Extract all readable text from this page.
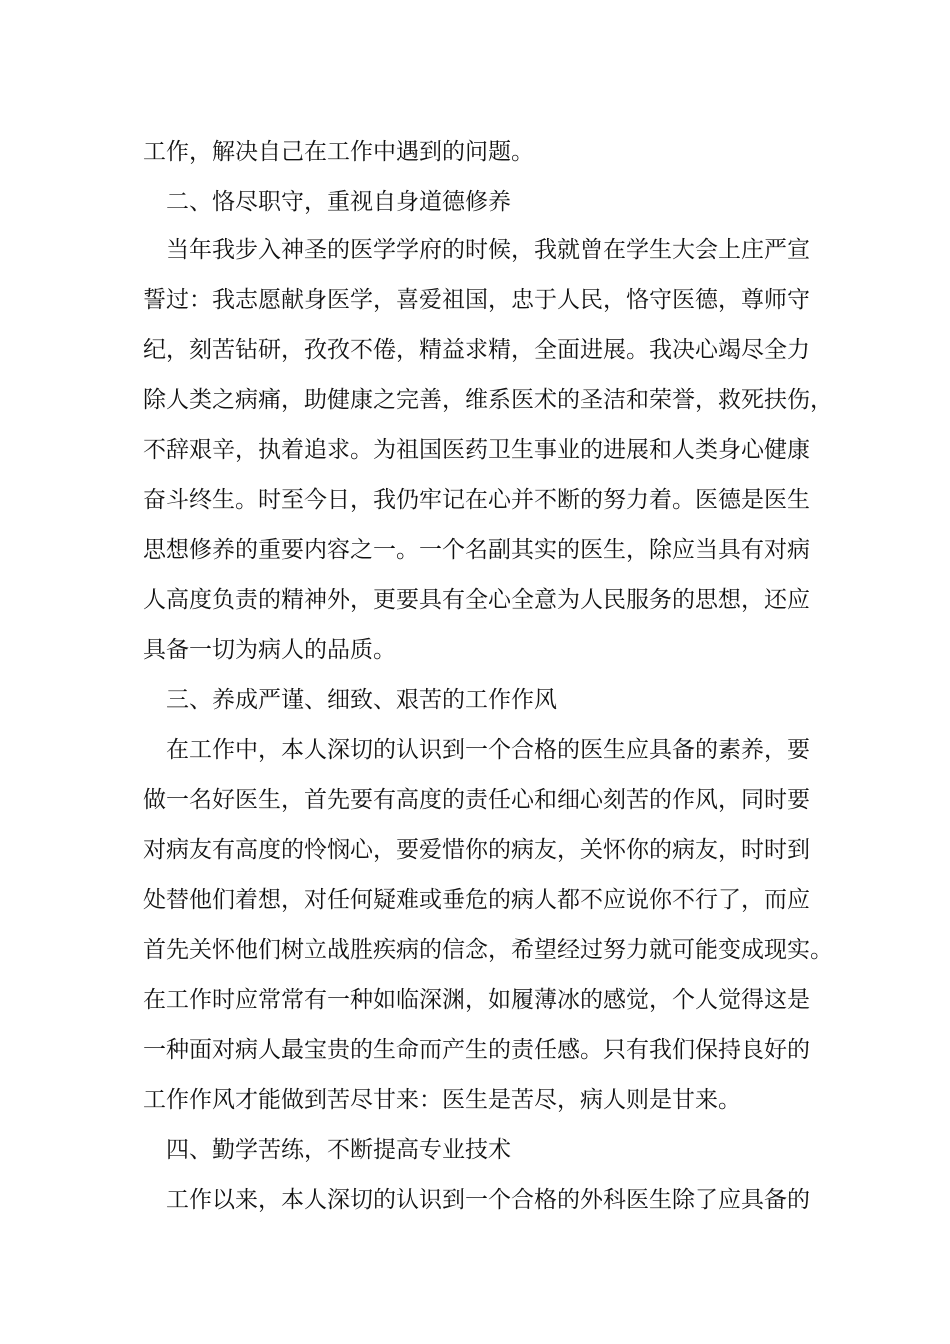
工作，解决自己在工作中遇到的问题。
二、恪尽职守，重视自身道德修养
当年我步入神圣的医学学府的时候，我就曾在学生大会上庄严宣
誓过：我志愿献身医学，喜爱祖国，忠于人民，恪守医德，尊师守
纪，刻苦钻研，孜孜不倦，精益求精，全面进展。我决心竭尽全力
除人类之病痛，助健康之完善，维系医术的圣洁和荣誉，救死扶伤，
不辞艰辛，执着追求。为祖国医药卫生事业的进展和人类身心健康
奋斗终生。时至今日，我仍牢记在心并不断的努力着。医德是医生
思想修养的重要内容之一。一个名副其实的医生，除应当具有对病
人高度负责的精神外，更要具有全心全意为人民服务的思想，还应
具备一切为病人的品质。
三、养成严谨、细致、艰苦的工作作风
在工作中，本人深切的认识到一个合格的医生应具备的素养，要
做一名好医生，首先要有高度的责任心和细心刻苦的作风，同时要
对病友有高度的怜悯心，要爱惜你的病友，关怀你的病友，时时到
处替他们着想，对任何疑难或垂危的病人都不应说你不行了，而应
首先关怀他们树立战胜疾病的信念，希望经过努力就可能变成现实。
在工作时应常常有一种如临深渊，如履薄冰的感觉，个人觉得这是
一种面对病人最宝贵的生命而产生的责任感。只有我们保持良好的
工作作风才能做到苦尽甘来：医生是苦尽，病人则是甘来。
四、勤学苦练，不断提高专业技术
工作以来，本人深切的认识到一个合格的外科医生除了应具备的
